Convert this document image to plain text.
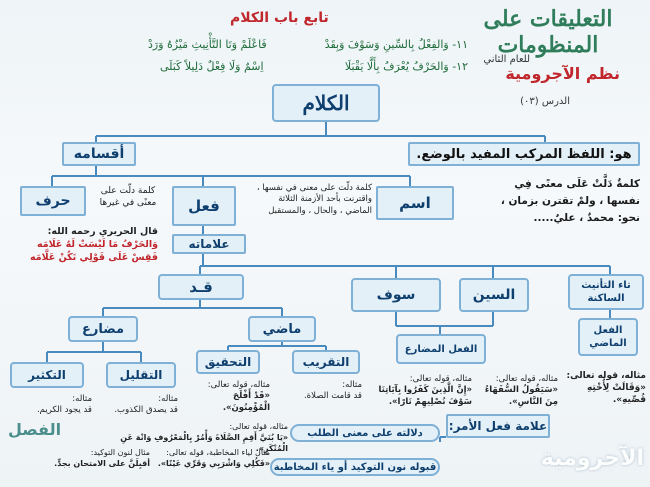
التعليقات على المنظومات
للعام الثاني
نظم الآجرومية
الدرس (٠٣)
تابع باب الكلام
١١- وَالفِعْلُ بِالسِّينِ وَسَوْفَ وَبِقَدْ
فَاعْلَمْ وَتَا التَّأْنِيثِ مَيْزُهُ وَرَدْ
١٢- وَالحَرْفُ يُعْرَفُ بِأَلَّا يَقْبَلَا
اِسْمٌ وَلَا فِعْلٌ دَلِيلاً كَبَلَى
الكلام
أقسامه	هو: اللفظ المركب المفيد بالوضع.
حرف	فعل	اسم
كلمة دلّت على
معنًى في غيرها
كلمة دلّت على معنى في نفسها ،
واقترنت بأحد الأزمنة الثلاثة
الماضي ، والحال ، والمستقبل
كلمةٌ دَلَّتْ عَلَى معنًى فِي
نفسها ، ولمْ تقترن بزمان ،
نحو: محمدٌ ، عليٌ.....
قال الحريري رحمه الله:
وَالحَرْفُ مَا لَيْسَتْ لَهُ عَلَامَه
فَقِسْ عَلَى قَوْلِي تَكُنْ عَلَّامَه
علاماته
قـد	سوف	السين
تاء التأنيث الساكنة
مضارع	ماضي
الفعل المضارع
الفعل الماضي
التكثير	التقليل
التحقيق	التقريب
مثاله:
قد يجود الكريم.
مثاله:
قد يصدق الكذوب.
مثاله، قوله تعالى:
«قَدْ أَفْلَحَ الْمُؤْمِنُونَ».
مثاله:
قد قامت الصلاة.
مثاله، قوله تعالى:
«إِنَّ الَّذِينَ كَفَرُوا بِآيَاتِنَا
سَوْفَ نُصْلِيهِمْ نَارًا».
مثاله، قوله تعالى:
«سَيَقُولُ السُّفَهَاءُ
مِنَ النَّاسِ».
مثاله، قوله تعالى:
«وَقَالَتْ لِأُخْتِهِ
قُصِّيهِ».
علامة فعل الأمر:
دلالته على معنى الطلب
قبوله نون التوكيد أو ياء المخاطبة
مثاله، قوله تعالى:
«يَا بُنَيَّ أَقِمِ الصَّلَاةَ وَأْمُرْ بِالْمَعْرُوفِ وَانْهَ عَنِ الْمُنْكَرِ».
مثال لياء المخاطبة، قوله تعالى:
«فَكُلِي وَاشْرَبِي وَقَرِّي عَيْنًا».
مثال لنون التوكيد:
أقبِلَنَّ على الامتحان بجدٍّ.	الآجرومية
الفصل
